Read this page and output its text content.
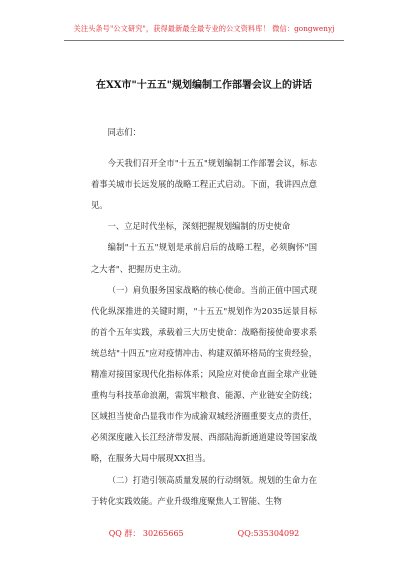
关注头条号"公文研究"，获得最新最全最专业的公文资料库！ 微信：gongwenyj
在XX市"十五五"规划编制工作部署会议上的讲话

同志们：

今天我们召开全市"十五五"规划编制工作部署会议，标志着事关城市长远发展的战略工程正式启动。下面，我讲四点意见。

一、立足时代坐标，深刻把握规划编制的历史使命

编制"十五五"规划是承前启后的战略工程，必须胸怀"国之大者"、把握历史主动。

（一）肩负服务国家战略的核心使命。当前正值中国式现代化纵深推进的关键时期，"十五五"规划作为2035远景目标的首个五年实践，承载着三大历史使命：战略衔接使命要求系统总结"十四五"应对疫情冲击、构建双循环格局的宝贵经验，精准对接国家现代化指标体系；风险应对使命直面全球产业链重构与科技革命浪潮，需筑牢粮食、能源、产业链安全防线；区域担当使命凸显我市作为成渝双城经济圈重要支点的责任，必须深度融入长江经济带发展、西部陆海新通道建设等国家战略，在服务大局中展现XX担当。

（二）打造引领高质量发展的行动纲领。规划的生命力在于转化实践效能。产业升级维度聚焦人工智能、生物

QQ 群： 30265665	QQ:535304092
